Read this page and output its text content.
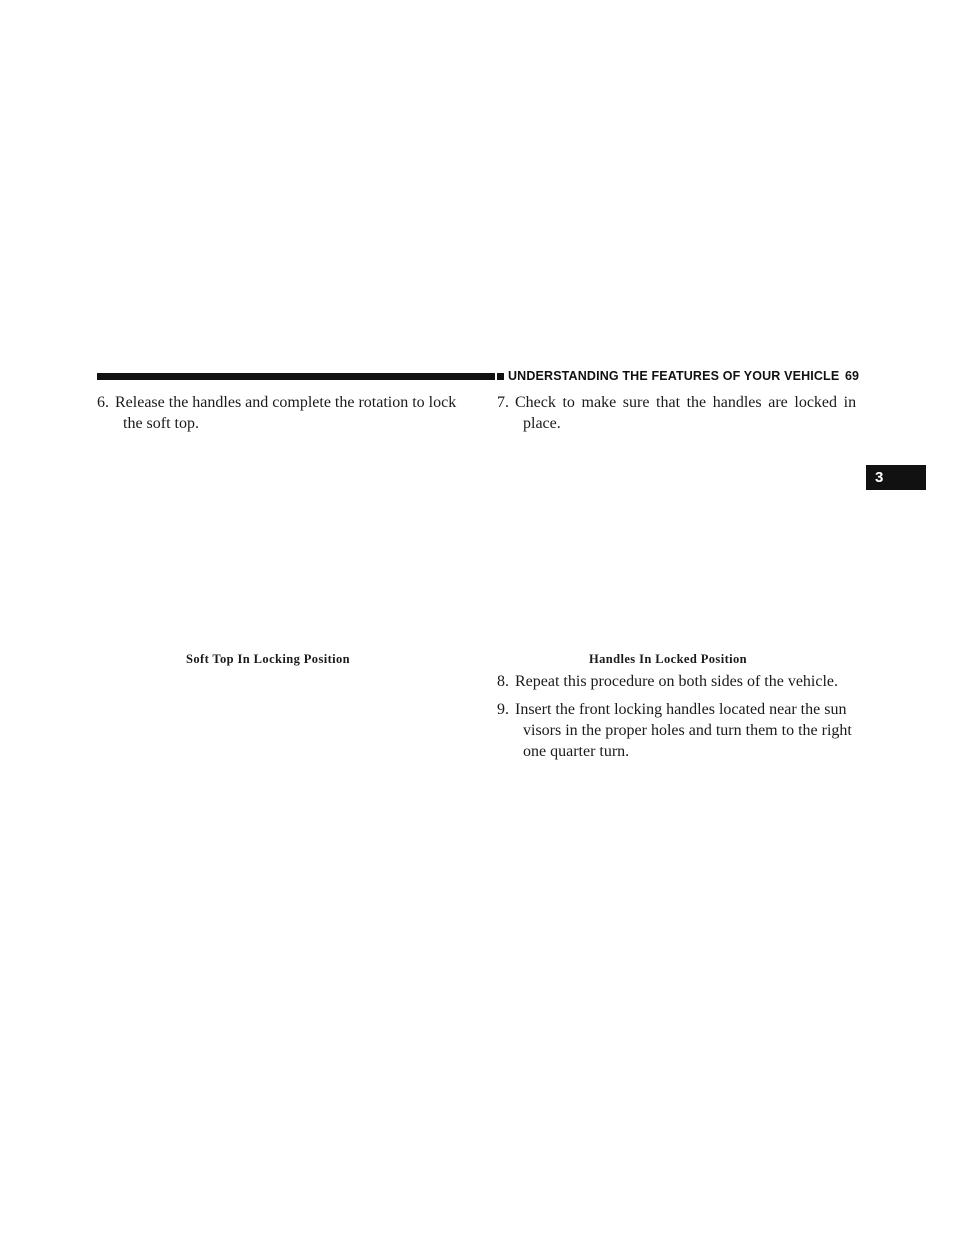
UNDERSTANDING THE FEATURES OF YOUR VEHICLE 69
3
6. Release the handles and complete the rotation to lock
the soft top.
7. Check to make sure that the handles are locked in
place.
Soft Top In Locking Position	Handles In Locked Position
8. Repeat this procedure on both sides of the vehicle.
9. Insert the front locking handles located near the sun
visors in the proper holes and turn them to the right
one quarter turn.
